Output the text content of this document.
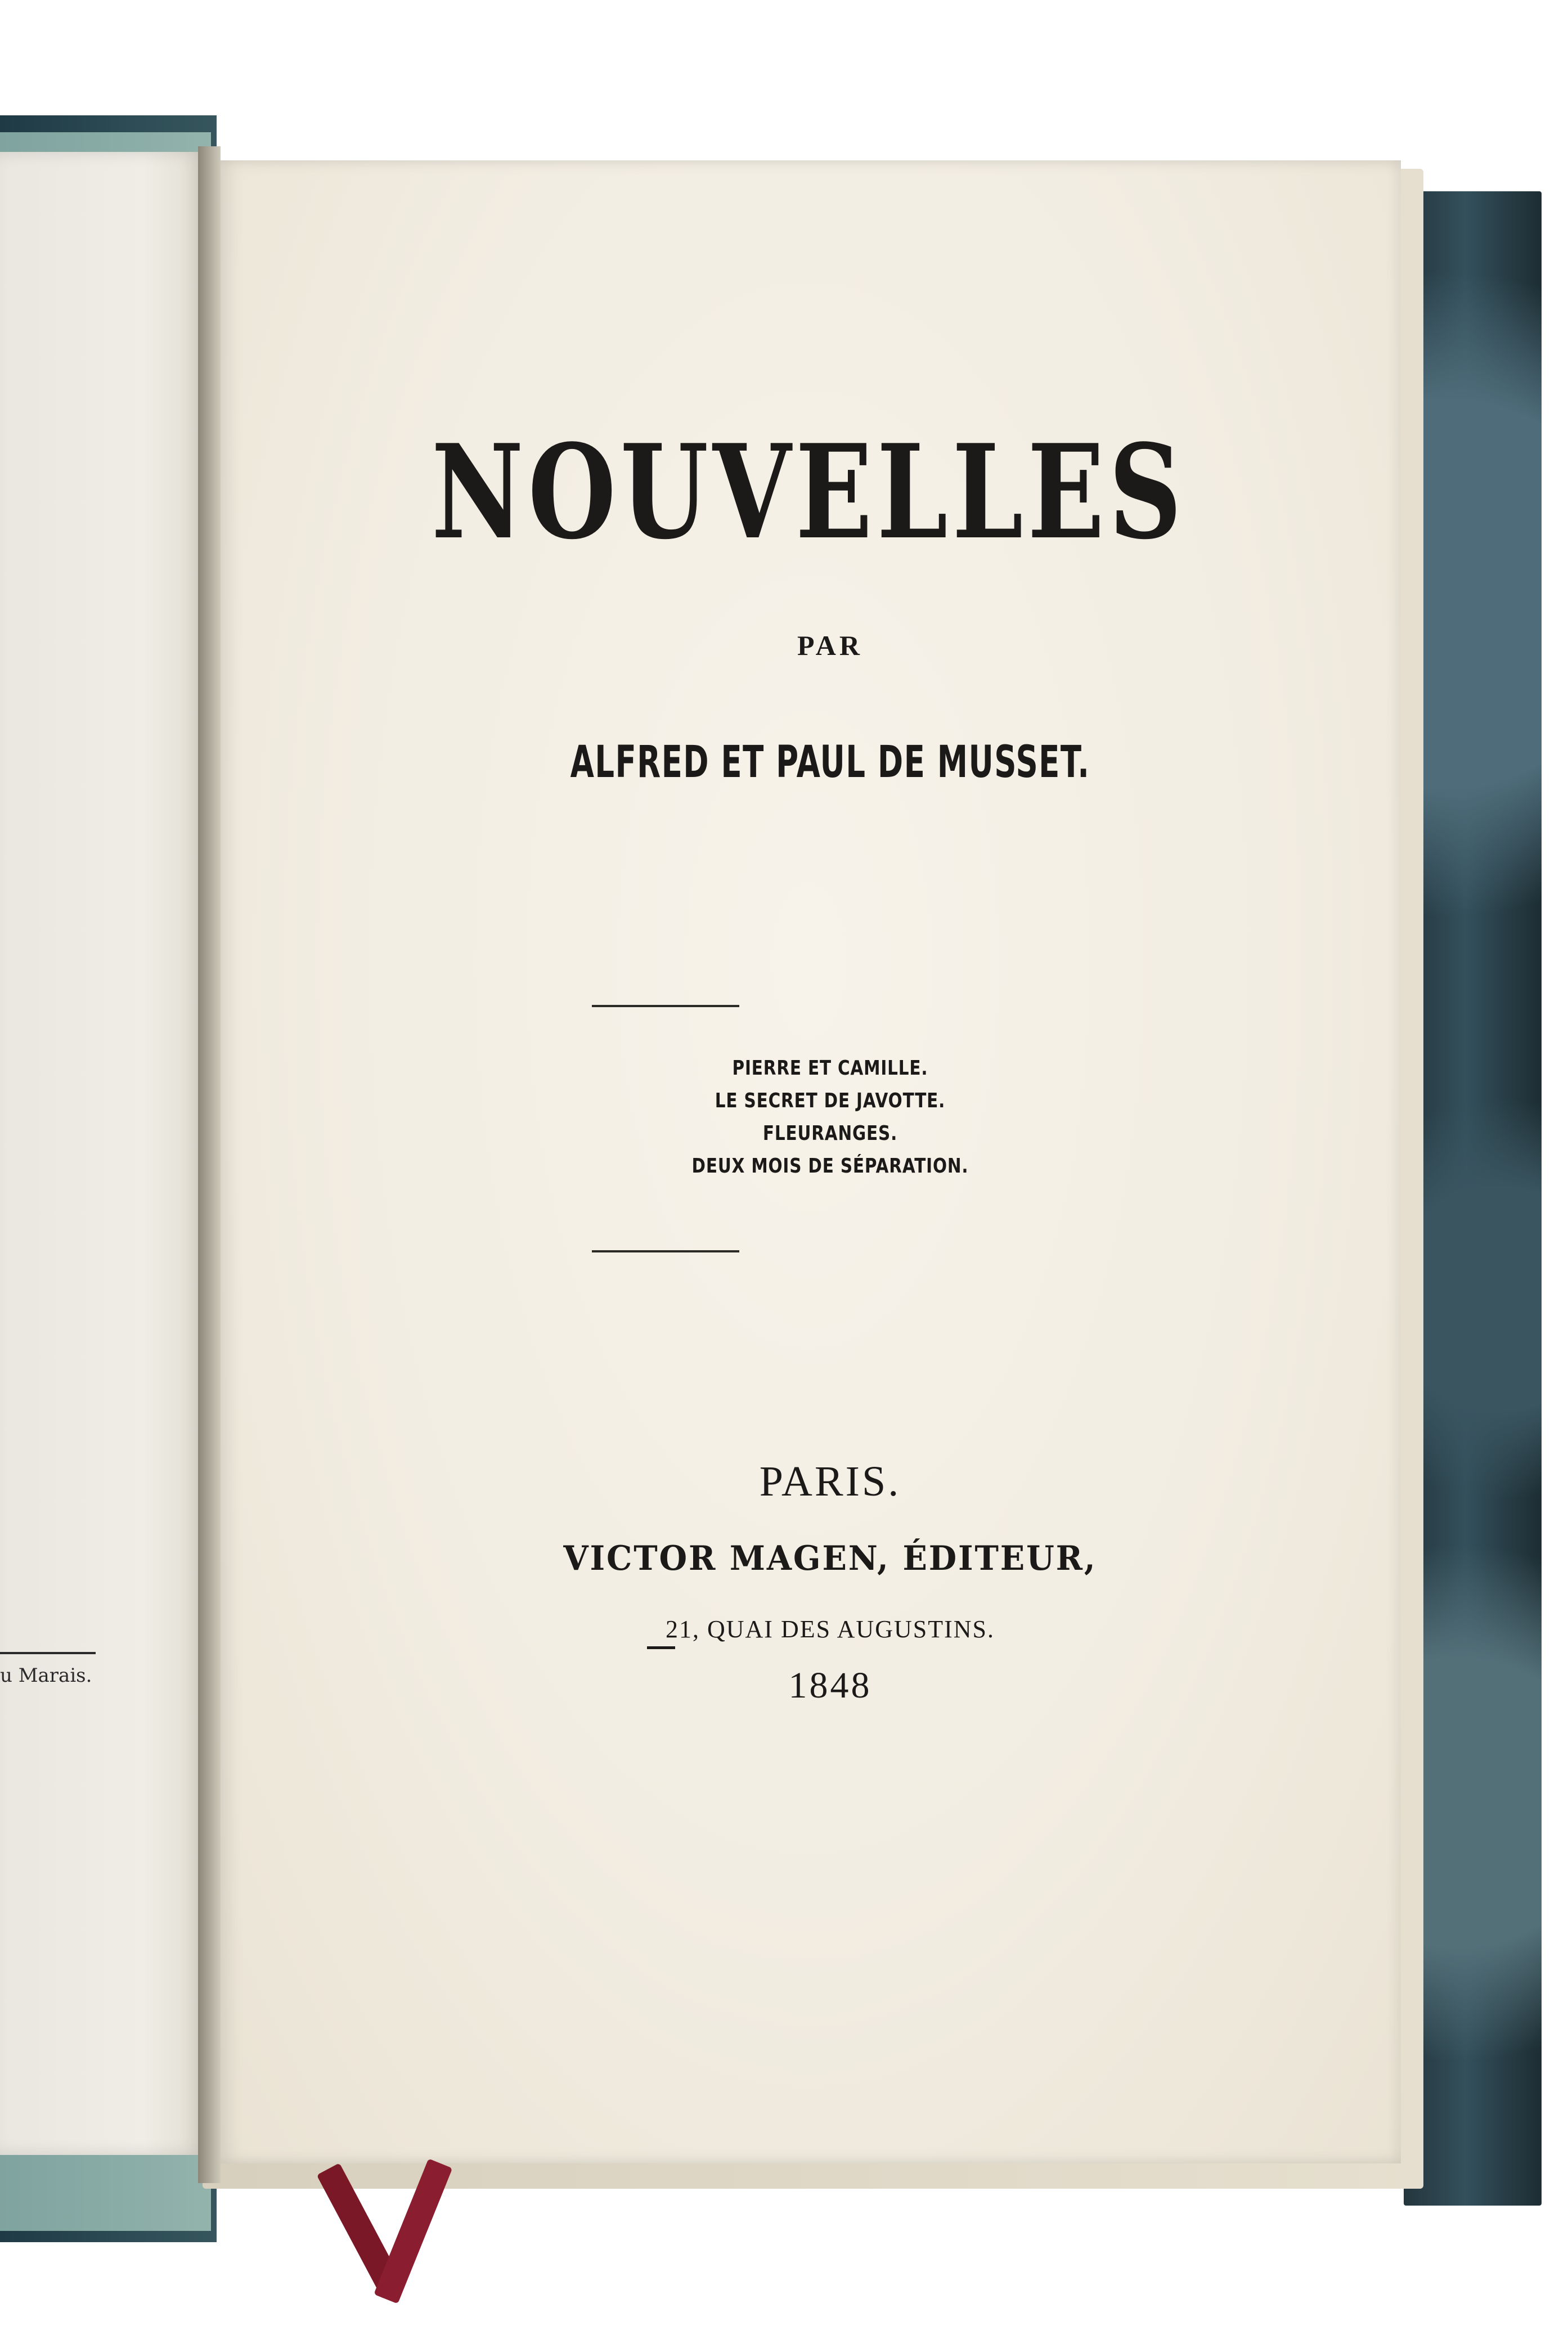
u Marais.
NOUVELLES
PAR
ALFRED ET PAUL DE MUSSET.
PIERRE ET CAMILLE.
LE SECRET DE JAVOTTE.
FLEURANGES.
DEUX MOIS DE SÉPARATION.
PARIS.
VICTOR MAGEN, ÉDITEUR,
21, QUAI DES AUGUSTINS.
1848
